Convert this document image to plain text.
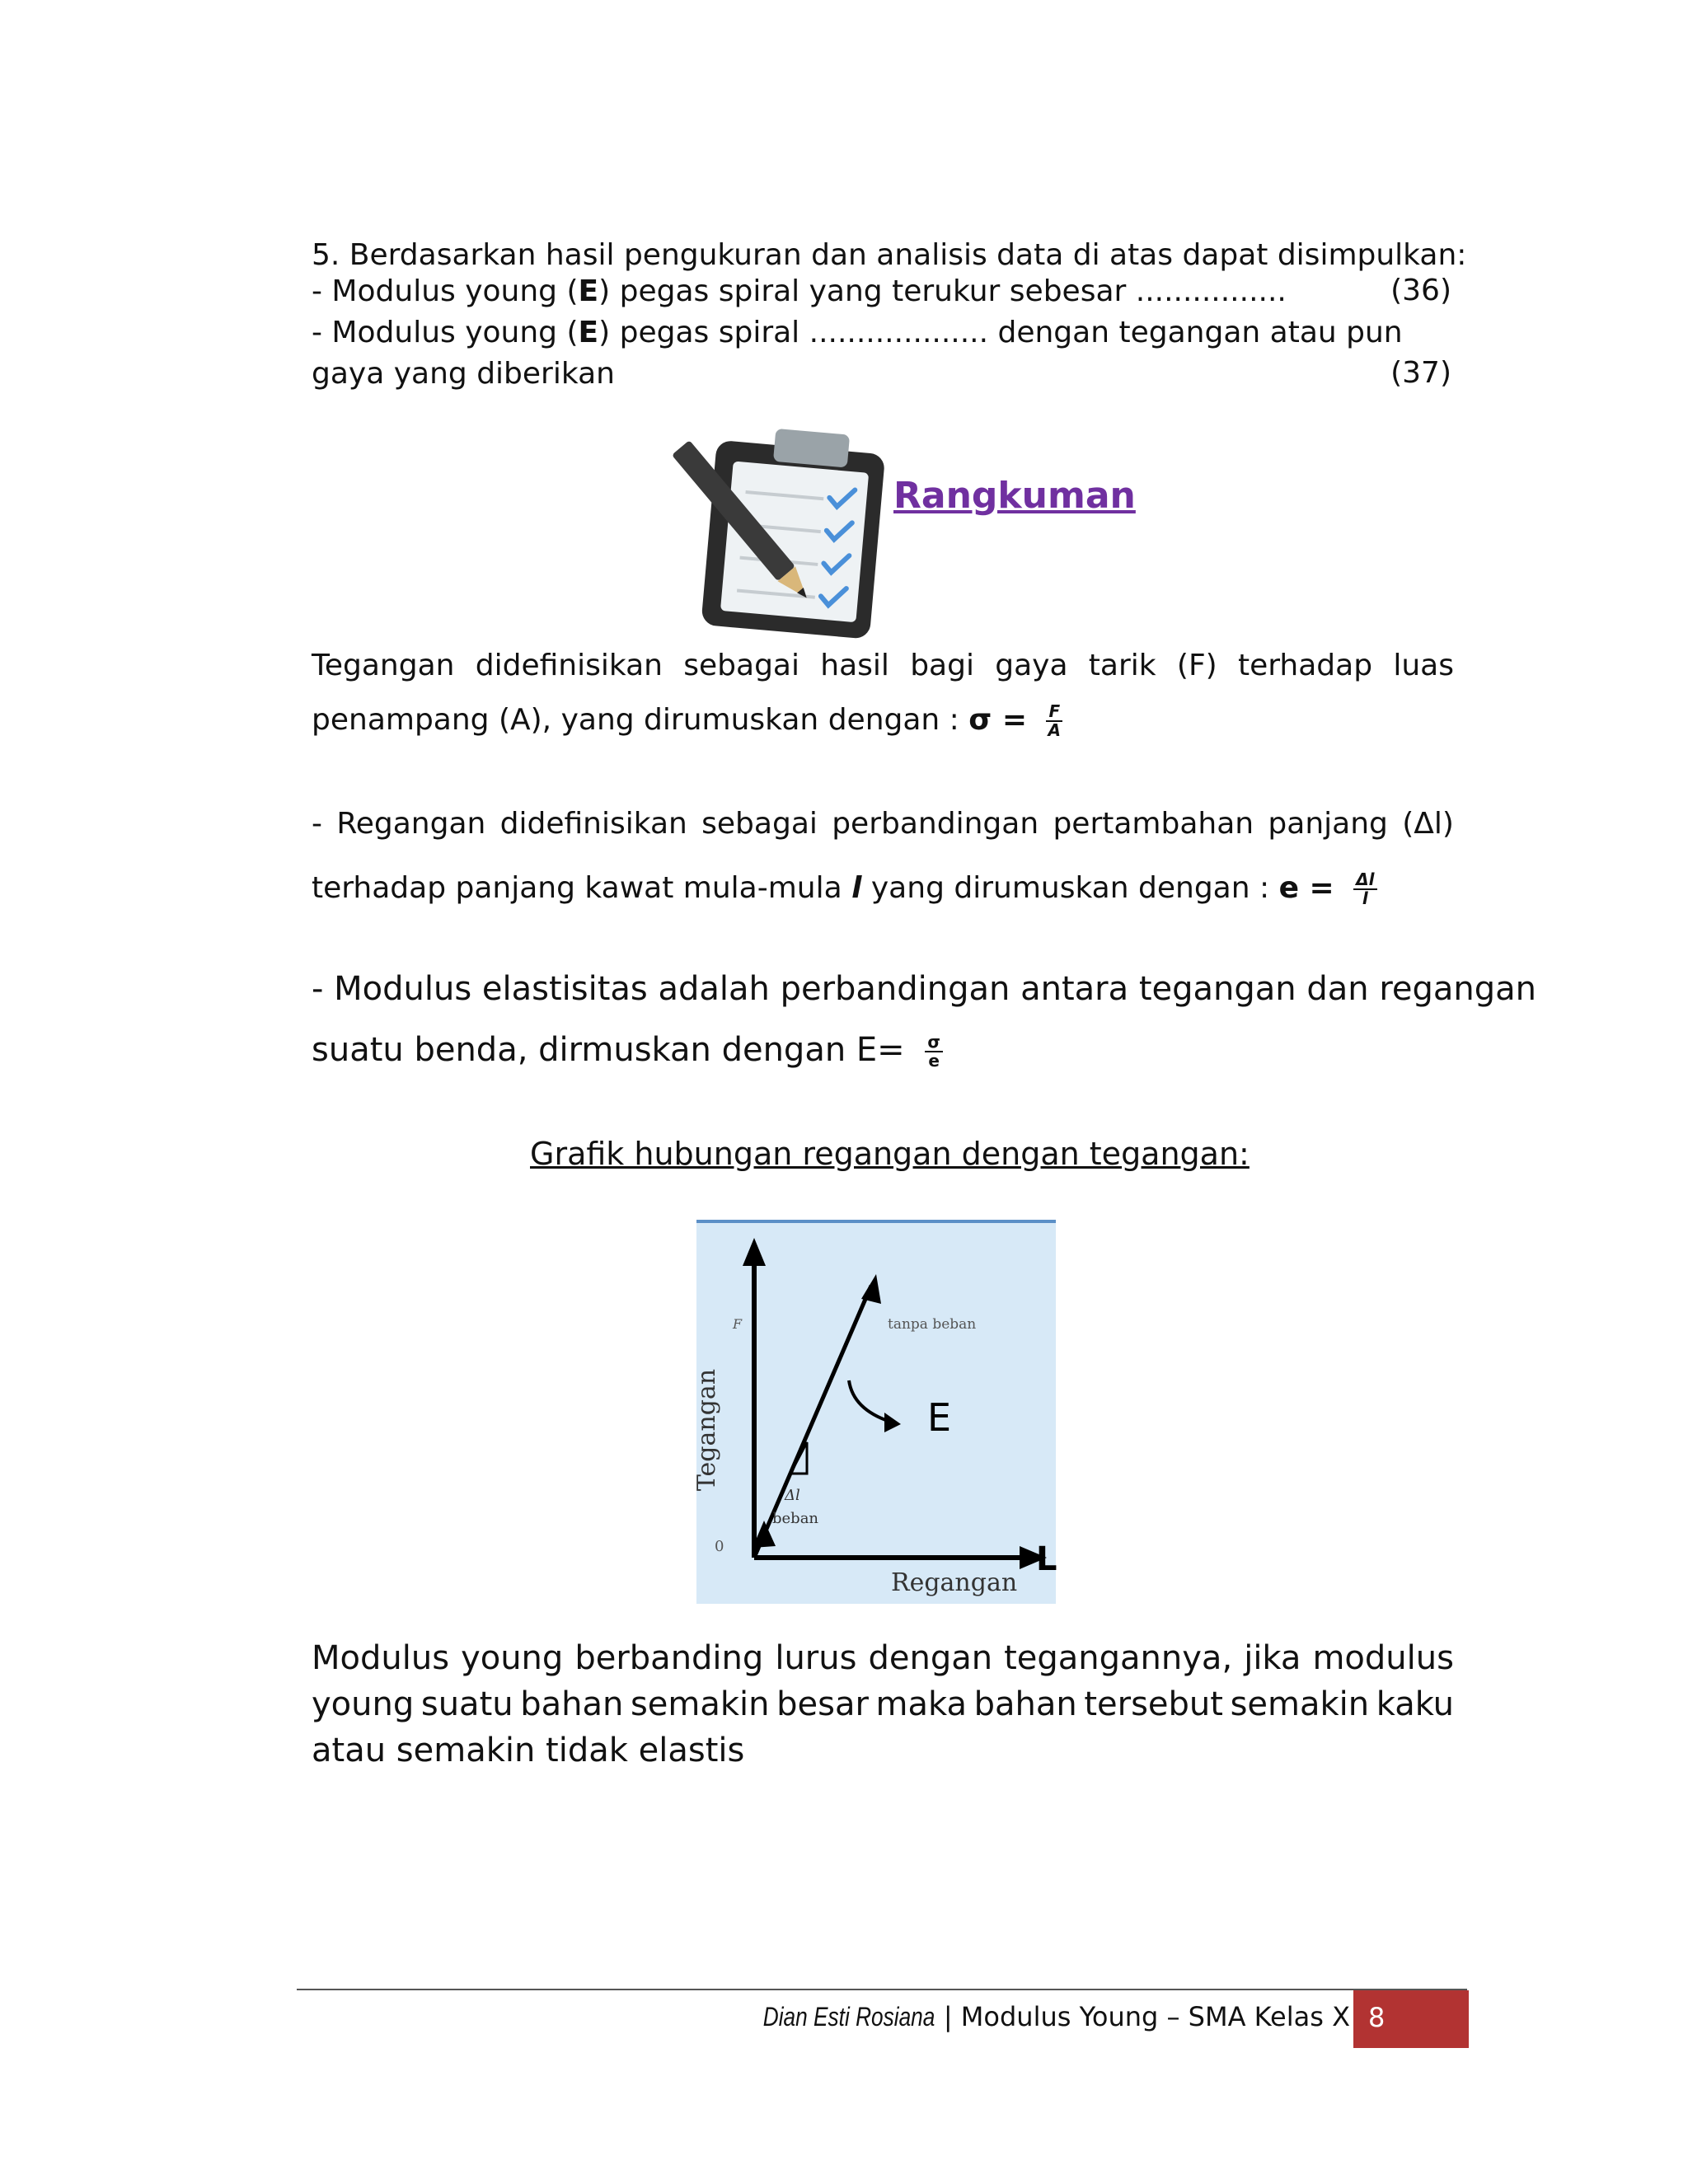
5. Berdasarkan hasil pengukuran dan analisis data di atas dapat disimpulkan:
- Modulus young (E) pegas spiral yang terukur sebesar ................	(36)
- Modulus young (E) pegas spiral ................... dengan tegangan atau pun
gaya yang diberikan	(37)
Rangkuman
Tegangan didefinisikan sebagai hasil bagi gaya tarik (F) terhadap luas
penampang (A), yang dirumuskan dengan : $\sigma = \frac{F}{A}$
- Regangan didefinisikan sebagai perbandingan pertambahan panjang (Δl)
terhadap panjang kawat mula-mula l yang dirumuskan dengan : $e = \frac{\Delta l}{l}$
- Modulus elastisitas adalah perbandingan antara tegangan dan regangan
suatu benda, dirmuskan dengan $E= \frac{\sigma}{e}$
Grafik hubungan regangan dengan tegangan:
Tegangan
F
0
tanpa beban
Δl
beban
E
Regangan
L
Modulus young berbanding lurus dengan tegangannya, jika modulus
young suatu bahan semakin besar maka bahan tersebut semakin kaku
atau semakin tidak elastis
Dian Esti Rosiana | Modulus Young – SMA Kelas X 8
